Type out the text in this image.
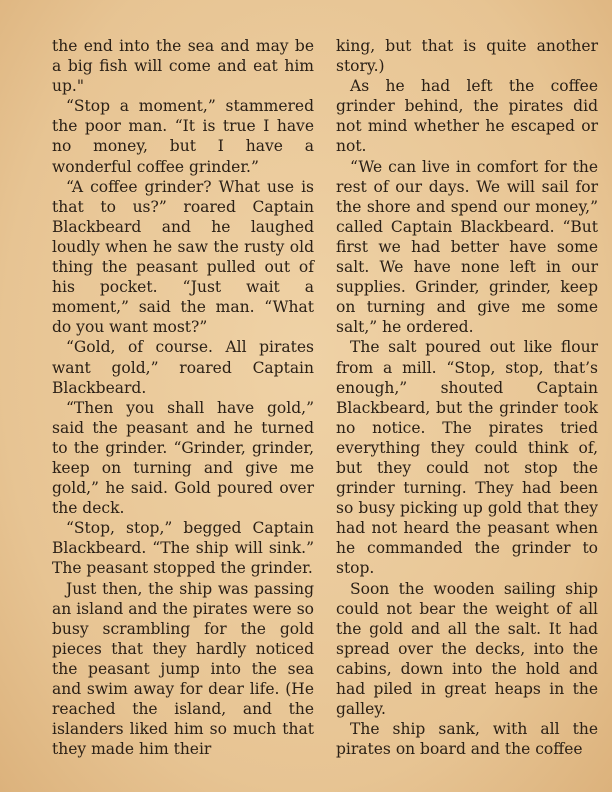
the end into the sea and may be a big fish will come and eat him up."

“Stop a moment,” stammered the poor man. “It is true I have no money, but I have a wonderful coffee grinder.”

“A coffee grinder? What use is that to us?” roared Captain Blackbeard and he laughed loudly when he saw the rusty old thing the peasant pulled out of his pocket. “Just wait a moment,” said the man. “What do you want most?”

“Gold, of course. All pirates want gold,” roared Captain Blackbeard.

“Then you shall have gold,” said the peasant and he turned to the grinder. “Grinder, grinder, keep on turning and give me gold,” he said. Gold poured over the deck.

“Stop, stop,” begged Captain Blackbeard. “The ship will sink.” The peasant stopped the grinder.

Just then, the ship was passing an island and the pirates were so busy scrambling for the gold pieces that they hardly noticed the peasant jump into the sea and swim away for dear life. (He reached the island, and the islanders liked him so much that they made him their

king, but that is quite another story.)

As he had left the coffee grinder behind, the pirates did not mind whether he escaped or not.

“We can live in comfort for the rest of our days. We will sail for the shore and spend our money,” called Captain Blackbeard. “But first we had better have some salt. We have none left in our supplies. Grinder, grinder, keep on turning and give me some salt,” he ordered.

The salt poured out like flour from a mill. “Stop, stop, that’s enough,” shouted Captain Blackbeard, but the grinder took no notice. The pirates tried everything they could think of, but they could not stop the grinder turning. They had been so busy picking up gold that they had not heard the peasant when he commanded the grinder to stop.

Soon the wooden sailing ship could not bear the weight of all the gold and all the salt. It had spread over the decks, into the cabins, down into the hold and had piled in great heaps in the galley.

The ship sank, with all the pirates on board and the coffee
